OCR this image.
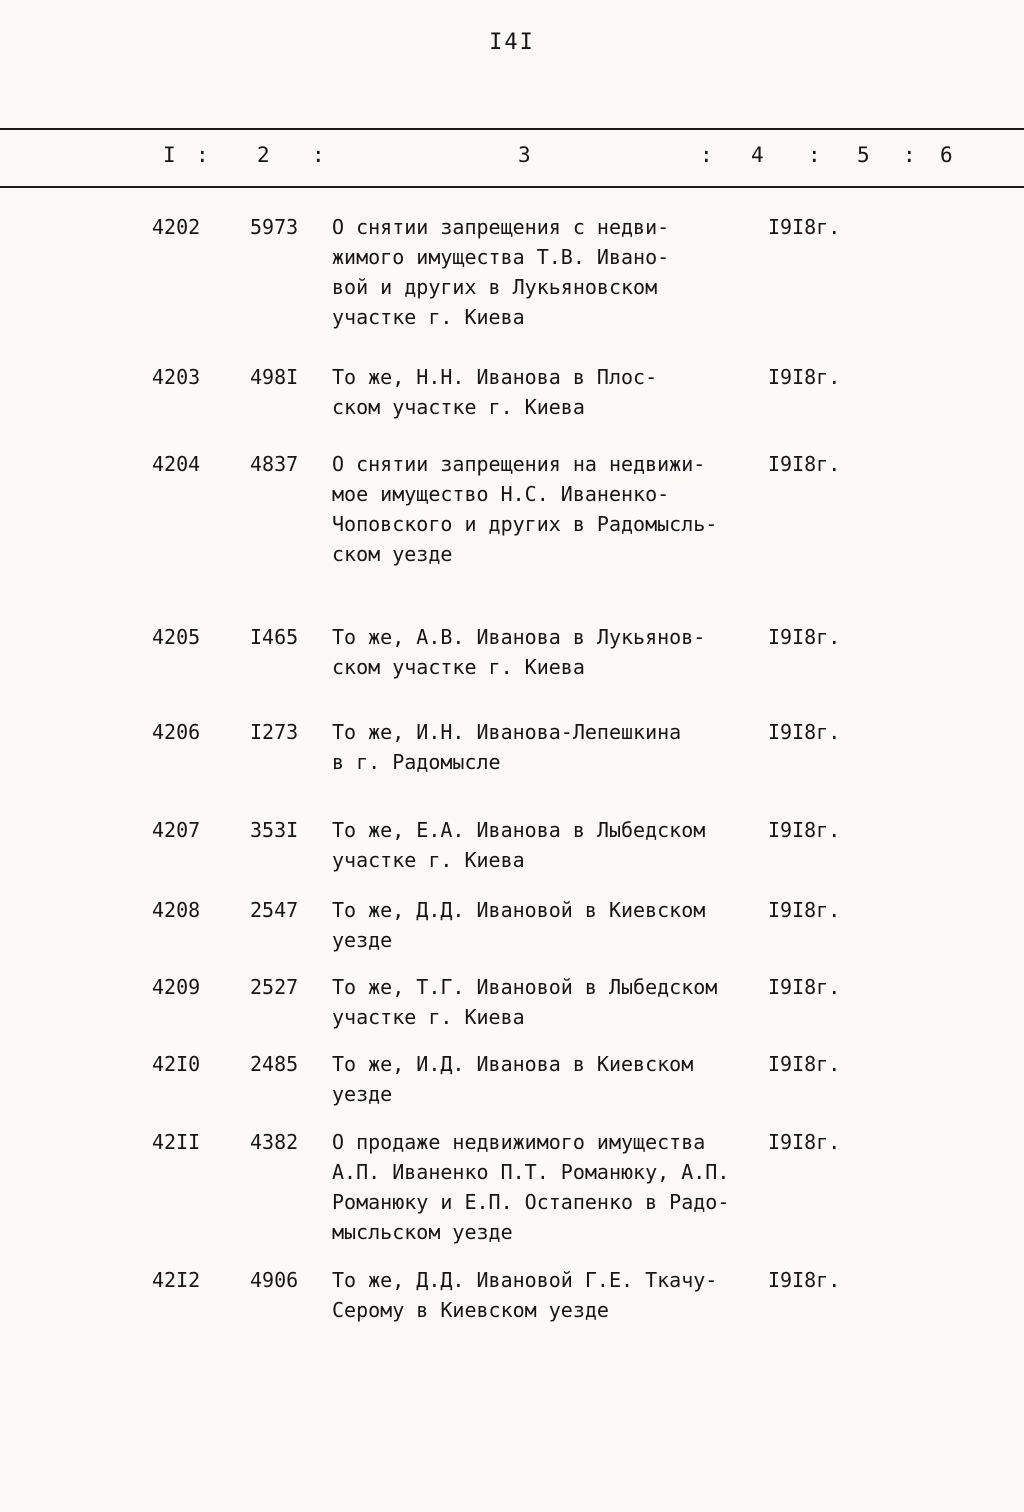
I4I
I : 2 :	3	: 4 : 5 : 6
4202 5973 О снятии запрещения с недви-
жимого имущества Т.В. Ивано-
вой и других в Лукьяновском
участке г. Киева
I9I8г.
4203 498I То же, Н.Н. Иванова в Плос-
ском участке г. Киева
I9I8г.
4204 4837 О снятии запрещения на недвижи-
мое имущество Н.С. Иваненко-
Чоповского и других в Радомысль-
ском уезде
I9I8г.
4205 I465 То же, А.В. Иванова в Лукьянов-
ском участке г. Киева
I9I8г.
4206 I273 То же, И.Н. Иванова-Лепешкина
в г. Радомысле
I9I8г.
4207 353I То же, Е.А. Иванова в Лыбедском
участке г. Киева
I9I8г.
4208 2547 То же, Д.Д. Ивановой в Киевском
уезде
I9I8г.
4209 2527 То же, Т.Г. Ивановой в Лыбедском
участке г. Киева
I9I8г.
42I0 2485 То же, И.Д. Иванова в Киевском
уезде
I9I8г.
42II 4382 О продаже недвижимого имущества
А.П. Иваненко П.Т. Романюку, А.П.
Романюку и Е.П. Остапенко в Радо-
мысльском уезде
I9I8г.
42I2 4906 То же, Д.Д. Ивановой Г.Е. Ткачу-
Серому в Киевском уезде
I9I8г.
